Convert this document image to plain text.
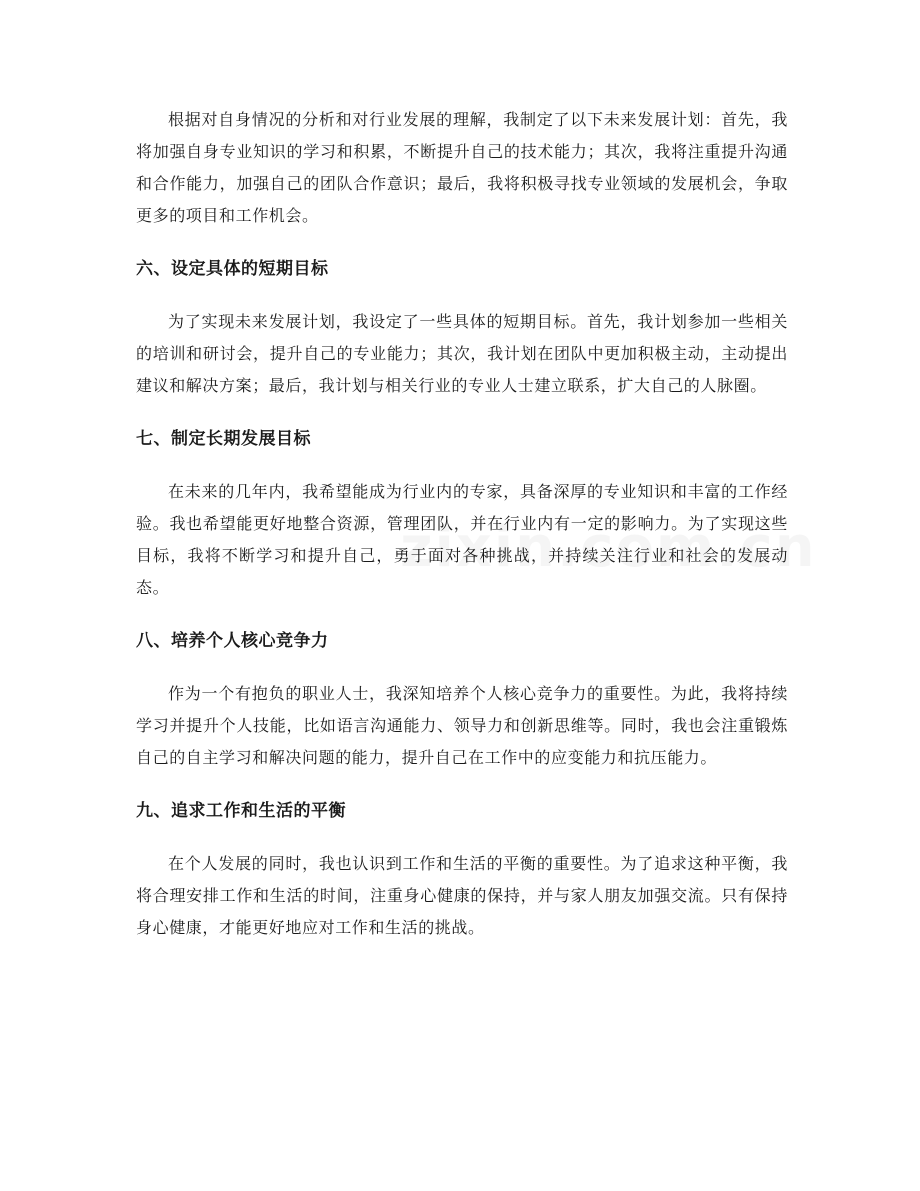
根据对自身情况的分析和对行业发展的理解，我制定了以下未来发展计划：首先，我将加强自身专业知识的学习和积累，不断提升自己的技术能力；其次，我将注重提升沟通和合作能力，加强自己的团队合作意识；最后，我将积极寻找专业领域的发展机会，争取更多的项目和工作机会。

六、设定具体的短期目标

为了实现未来发展计划，我设定了一些具体的短期目标。首先，我计划参加一些相关的培训和研讨会，提升自己的专业能力；其次，我计划在团队中更加积极主动，主动提出建议和解决方案；最后，我计划与相关行业的专业人士建立联系，扩大自己的人脉圈。

七、制定长期发展目标

在未来的几年内，我希望能成为行业内的专家，具备深厚的专业知识和丰富的工作经验。我也希望能更好地整合资源，管理团队，并在行业内有一定的影响力。为了实现这些目标，我将不断学习和提升自己，勇于面对各种挑战，并持续关注行业和社会的发展动态。

八、培养个人核心竞争力

作为一个有抱负的职业人士，我深知培养个人核心竞争力的重要性。为此，我将持续学习并提升个人技能，比如语言沟通能力、领导力和创新思维等。同时，我也会注重锻炼自己的自主学习和解决问题的能力，提升自己在工作中的应变能力和抗压能力。

九、追求工作和生活的平衡

在个人发展的同时，我也认识到工作和生活的平衡的重要性。为了追求这种平衡，我将合理安排工作和生活的时间，注重身心健康的保持，并与家人朋友加强交流。只有保持身心健康，才能更好地应对工作和生活的挑战。
